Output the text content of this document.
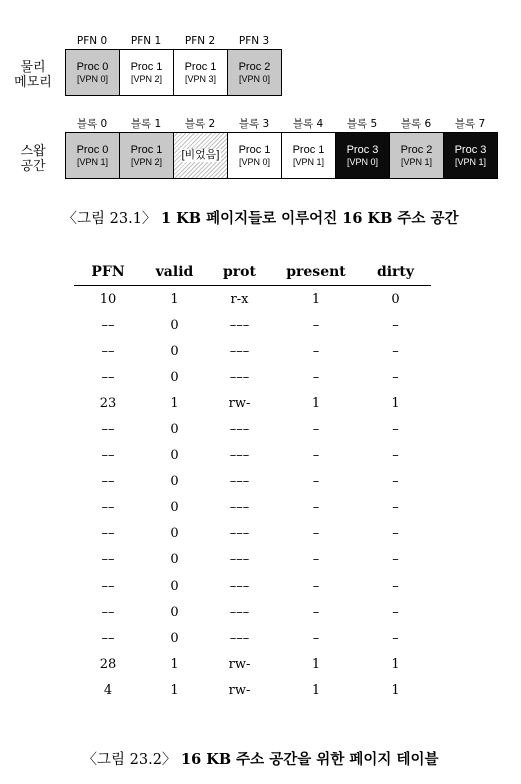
물리
메모리
PFN 0	PFN 1	PFN 2	PFN 3
Proc 0
[VPN 0]
Proc 1
[VPN 2]
Proc 1
[VPN 3]
Proc 2
[VPN 0]
스왑
공간
블록 0	블록 1	블록 2	블록 3	블록 4	블록 5	블록 6	블록 7
Proc 0
[VPN 1]
Proc 1
[VPN 2]
[비었음] Proc 1
[VPN 0]
Proc 1
[VPN 1]
Proc 3
[VPN 0]
Proc 2
[VPN 1]
Proc 3
[VPN 1]
〈그림 23.1〉 1 KB 페이지들로 이루어진 16 KB 주소 공간
PFN	valid	prot	present	dirty
10	1	r-x	1	0
––	0	–––	–	–
––	0	–––	–	–
––	0	–––	–	–
23	1	rw-	1	1
––	0	–––	–	–
––	0	–––	–	–
––	0	–––	–	–
––	0	–––	–	–
––	0	–––	–	–
––	0	–––	–	–
––	0	–––	–	–
––	0	–––	–	–
––	0	–––	–	–
28	1	rw-	1	1
4	1	rw-	1	1
〈그림 23.2〉 16 KB 주소 공간을 위한 페이지 테이블
